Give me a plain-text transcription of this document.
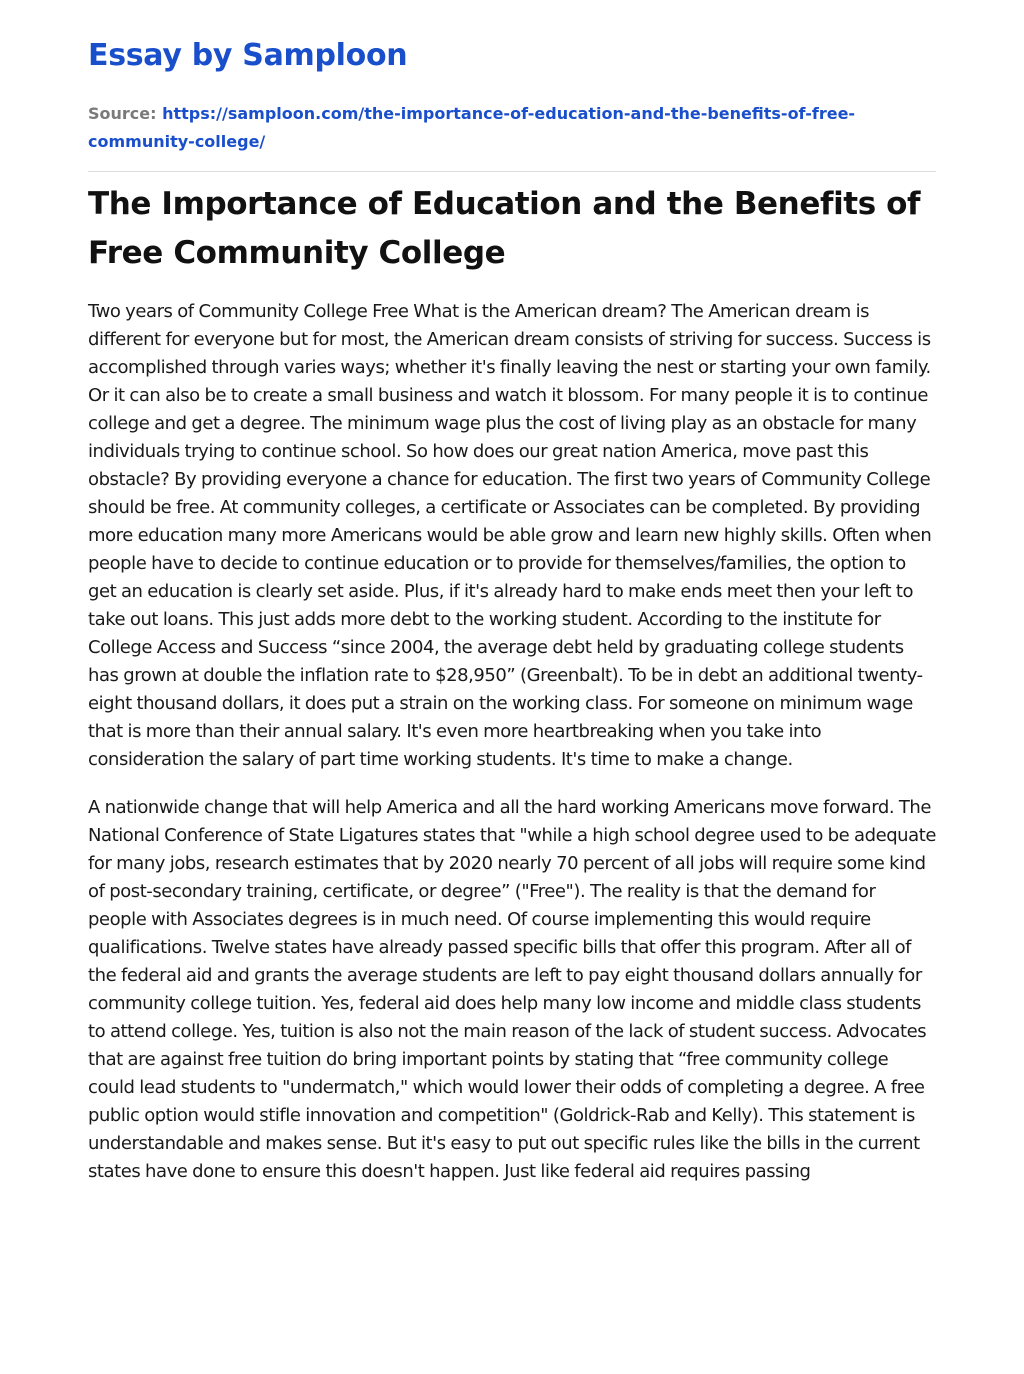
Essay by Samploon
Source: https://samploon.com/the-importance-of-education-and-the-benefits-of-free-community-college/
The Importance of Education and the Benefits of Free Community College

Two years of Community College Free What is the American dream? The American dream is different for everyone but for most, the American dream consists of striving for success. Success is accomplished through varies ways; whether it's finally leaving the nest or starting your own family. Or it can also be to create a small business and watch it blossom. For many people it is to continue college and get a degree. The minimum wage plus the cost of living play as an obstacle for many individuals trying to continue school. So how does our great nation America, move past this obstacle? By providing everyone a chance for education. The first two years of Community College should be free. At community colleges, a certificate or Associates can be completed. By providing more education many more Americans would be able grow and learn new highly skills. Often when people have to decide to continue education or to provide for themselves/families, the option to get an education is clearly set aside. Plus, if it's already hard to make ends meet then your left to take out loans. This just adds more debt to the working student. According to the institute for College Access and Success “since 2004, the average debt held by graduating college students has grown at double the inflation rate to $28,950” (Greenbalt). To be in debt an additional twenty-eight thousand dollars, it does put a strain on the working class. For someone on minimum wage that is more than their annual salary. It's even more heartbreaking when you take into consideration the salary of part time working students. It's time to make a change.

A nationwide change that will help America and all the hard working Americans move forward. The National Conference of State Ligatures states that "while a high school degree used to be adequate for many jobs, research estimates that by 2020 nearly 70 percent of all jobs will require some kind of post-secondary training, certificate, or degree” ("Free"). The reality is that the demand for people with Associates degrees is in much need. Of course implementing this would require qualifications. Twelve states have already passed specific bills that offer this program. After all of the federal aid and grants the average students are left to pay eight thousand dollars annually for community college tuition. Yes, federal aid does help many low income and middle class students to attend college. Yes, tuition is also not the main reason of the lack of student success. Advocates that are against free tuition do bring important points by stating that “free community college could lead students to "undermatch," which would lower their odds of completing a degree. A free public option would stifle innovation and competition" (Goldrick-Rab and Kelly). This statement is understandable and makes sense. But it's easy to put out specific rules like the bills in the current states have done to ensure this doesn't happen. Just like federal aid requires passing
